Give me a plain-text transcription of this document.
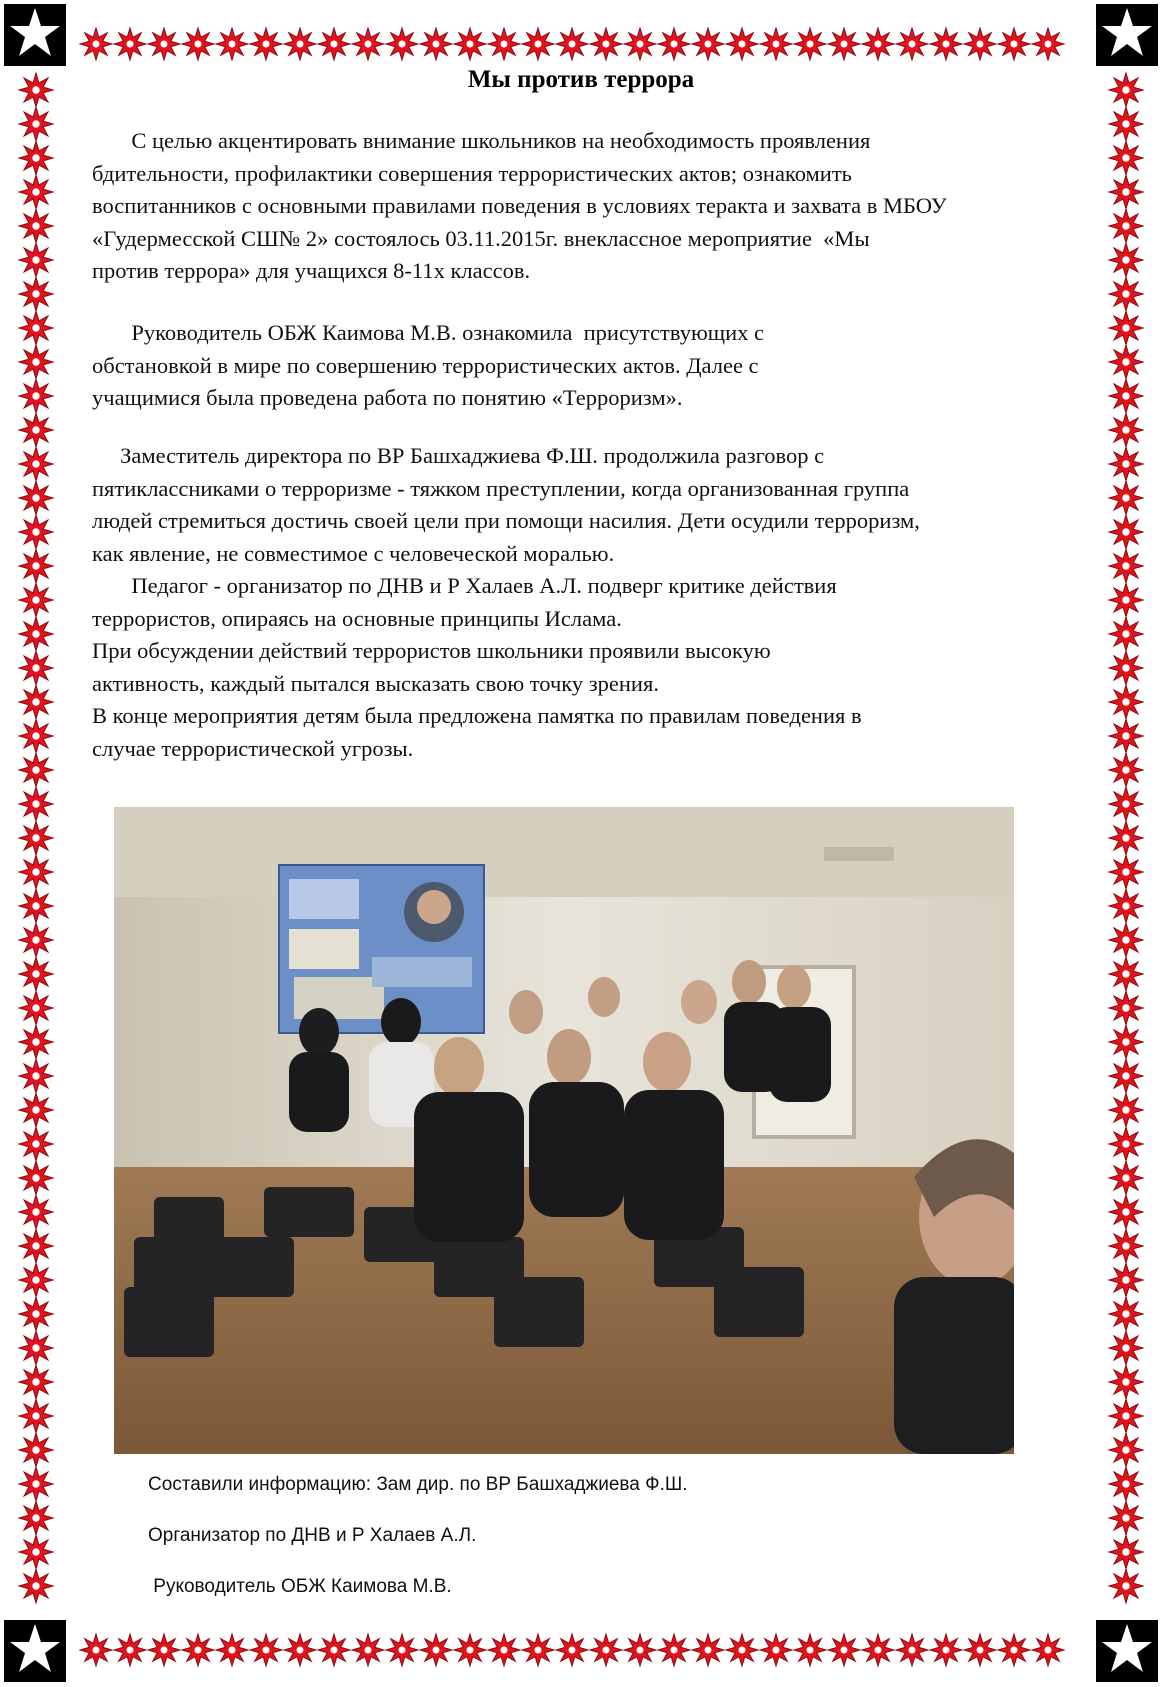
Мы против террора
С целью акцентировать внимание школьников на необходимость проявления
бдительности, профилактики совершения террористических актов; ознакомить
воспитанников с основными правилами поведения в условиях теракта и захвата в МБОУ
«Гудермесской СШ№ 2» состоялось 03.11.2015г. внеклассное мероприятие  «Мы
против террора» для учащихся 8-11х классов.
Руководитель ОБЖ Каимова М.В. ознакомила  присутствующих с
обстановкой в мире по совершению террористических актов. Далее с
учащимися была проведена работа по понятию «Терроризм».
Заместитель директора по ВР Башхаджиева Ф.Ш. продолжила разговор с
пятиклассниками о терроризме - тяжком преступлении, когда организованная группа
людей стремиться достичь своей цели при помощи насилия. Дети осудили терроризм,
как явление, не совместимое с человеческой моралью.
Педагог - организатор по ДНВ и Р Халаев А.Л. подверг критике действия
террористов, опираясь на основные принципы Ислама.
При обсуждении действий террористов школьники проявили высокую
активность, каждый пытался высказать свою точку зрения.
В конце мероприятия детям была предложена памятка по правилам поведения в
случае террористической угрозы.
Составили информацию: Зам дир. по ВР Башхаджиева Ф.Ш.
Организатор по ДНВ и Р Халаев А.Л.
Руководитель ОБЖ Каимова М.В.
